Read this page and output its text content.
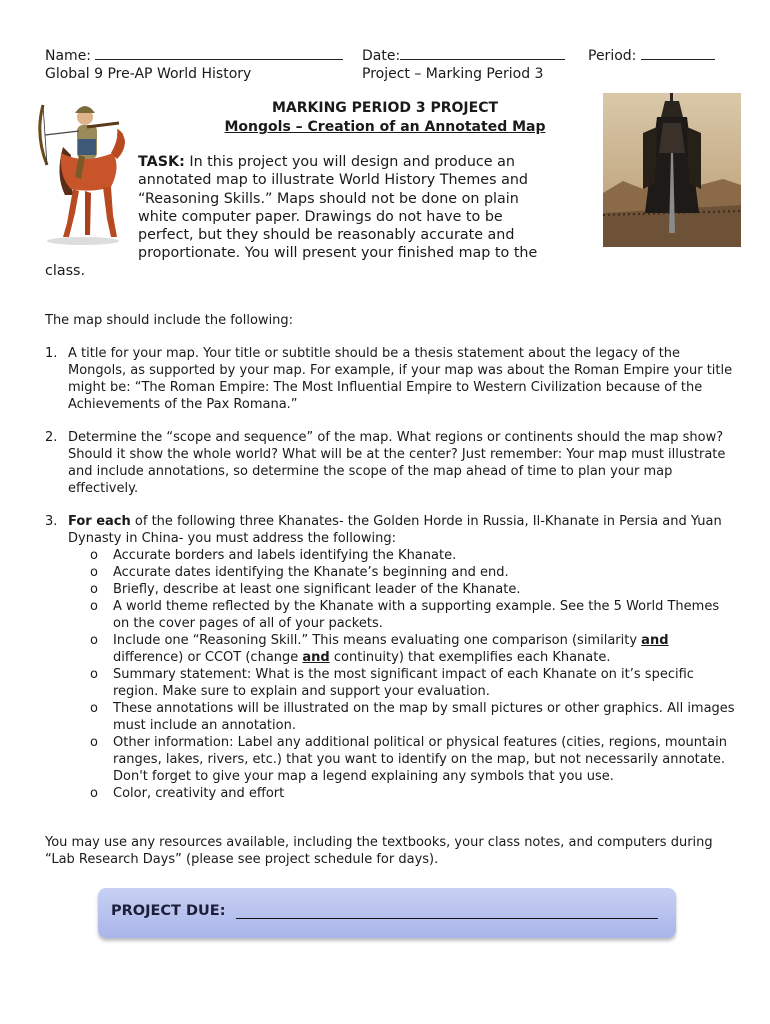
Name:
Global 9 Pre-AP World History
Date:
Project – Marking Period 3
Period:
MARKING PERIOD 3 PROJECT
Mongols – Creation of an Annotated Map
TASK: In this project you will design and produce an annotated map to illustrate World History Themes and “Reasoning Skills.” Maps should not be done on plain white computer paper. Drawings do not have to be perfect, but they should be reasonably accurate and proportionate. You will present your finished map to the
class.
The map should include the following:
1. A title for your map. Your title or subtitle should be a thesis statement about the legacy of the Mongols, as supported by your map. For example, if your map was about the Roman Empire your title might be: “The Roman Empire: The Most Influential Empire to Western Civilization because of the Achievements of the Pax Romana.”
2. Determine the “scope and sequence” of the map. What regions or continents should the map show? Should it show the whole world? What will be at the center? Just remember: Your map must illustrate and include annotations, so determine the scope of the map ahead of time to plan your map effectively.
3. For each of the following three Khanates- the Golden Horde in Russia, Il-Khanate in Persia and Yuan Dynasty in China- you must address the following:
o Accurate borders and labels identifying the Khanate.
o Accurate dates identifying the Khanate’s beginning and end.
o Briefly, describe at least one significant leader of the Khanate.
o A world theme reflected by the Khanate with a supporting example. See the 5 World Themes on the cover pages of all of your packets.
o Include one “Reasoning Skill.” This means evaluating one comparison (similarity and difference) or CCOT (change and continuity) that exemplifies each Khanate.
o Summary statement: What is the most significant impact of each Khanate on it’s specific region. Make sure to explain and support your evaluation.
o These annotations will be illustrated on the map by small pictures or other graphics. All images must include an annotation.
o Other information: Label any additional political or physical features (cities, regions, mountain ranges, lakes, rivers, etc.) that you want to identify on the map, but not necessarily annotate. Don't forget to give your map a legend explaining any symbols that you use.
o Color, creativity and effort
You may use any resources available, including the textbooks, your class notes, and computers during “Lab Research Days” (please see project schedule for days).
PROJECT DUE:
